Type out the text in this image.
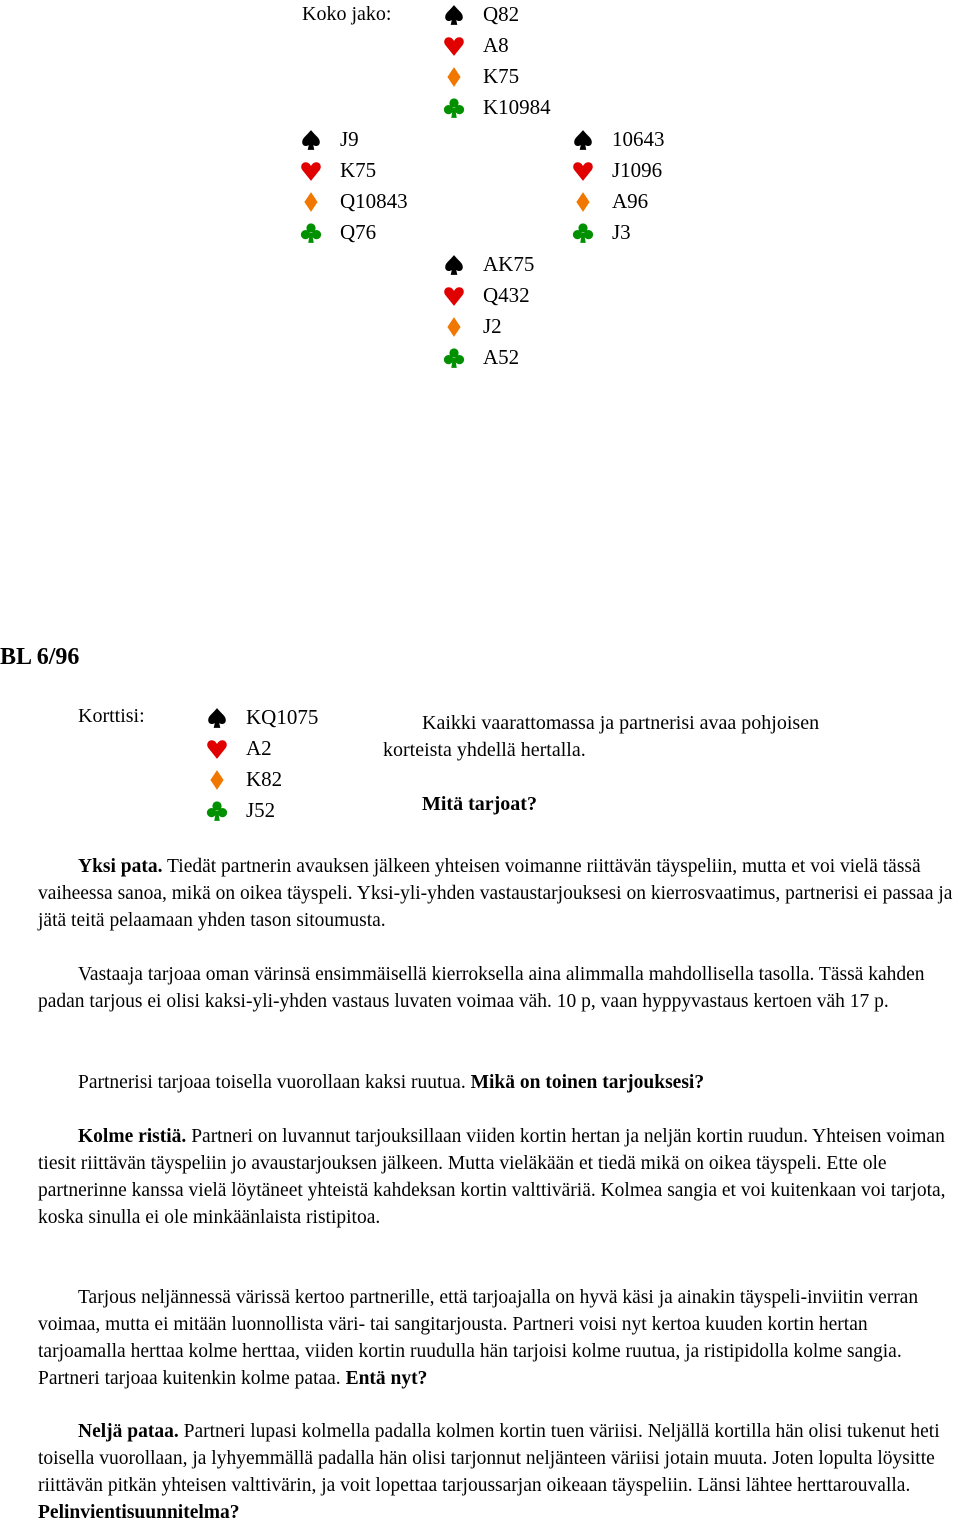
Koko jako:	Q82
A8
K75
K10984
J9
K75
Q10843
Q76
10643
J1096
A96
J3
AK75
Q432
J2
A52
BL 6/96
Korttisi:	KQ1075
A2
K82
J52
Kaikki vaarattomassa ja partnerisi avaa pohjoisen
korteista yhdellä hertalla.
Mitä tarjoat?
Yksi pata. Tiedät partnerin avauksen jälkeen yhteisen voimanne riittävän täyspeliin, mutta et voi vielä tässä vaiheessa sanoa, mikä on oikea täyspeli. Yksi-yli-yhden vastaustarjouksesi on kierrosvaatimus, partnerisi ei passaa ja jätä teitä pelaamaan yhden tason sitoumusta.
Vastaaja tarjoaa oman värinsä ensimmäisellä kierroksella aina alimmalla mahdollisella tasolla. Tässä kahden padan tarjous ei olisi kaksi-yli-yhden vastaus luvaten voimaa väh. 10 p, vaan hyppyvastaus kertoen väh 17 p.
Partnerisi tarjoaa toisella vuorollaan kaksi ruutua. Mikä on toinen tarjouksesi?
Kolme ristiä. Partneri on luvannut tarjouksillaan viiden kortin hertan ja neljän kortin ruudun. Yhteisen voiman tiesit riittävän täyspeliin jo avaustarjouksen jälkeen. Mutta vieläkään et tiedä mikä on oikea täyspeli. Ette ole partnerinne kanssa vielä löytäneet yhteistä kahdeksan kortin valttiväriä. Kolmea sangia et voi kuitenkaan voi tarjota, koska sinulla ei ole minkäänlaista ristipitoa.
Tarjous neljännessä värissä kertoo partnerille, että tarjoajalla on hyvä käsi ja ainakin täyspeli-inviitin verran voimaa, mutta ei mitään luonnollista väri- tai sangitarjousta. Partneri voisi nyt kertoa kuuden kortin hertan tarjoamalla herttaa kolme herttaa, viiden kortin ruudulla hän tarjoisi kolme ruutua, ja ristipidolla kolme sangia. Partneri tarjoaa kuitenkin kolme pataa. Entä nyt?
Neljä pataa. Partneri lupasi kolmella padalla kolmen kortin tuen väriisi. Neljällä kortilla hän olisi tukenut heti toisella vuorollaan, ja lyhyemmällä padalla hän olisi tarjonnut neljänteen väriisi jotain muuta. Joten lopulta löysitte riittävän pitkän yhteisen valttivärin, ja voit lopettaa tarjoussarjan oikeaan täyspeliin. Länsi lähtee herttarouvalla. Pelinvientisuunnitelma?
